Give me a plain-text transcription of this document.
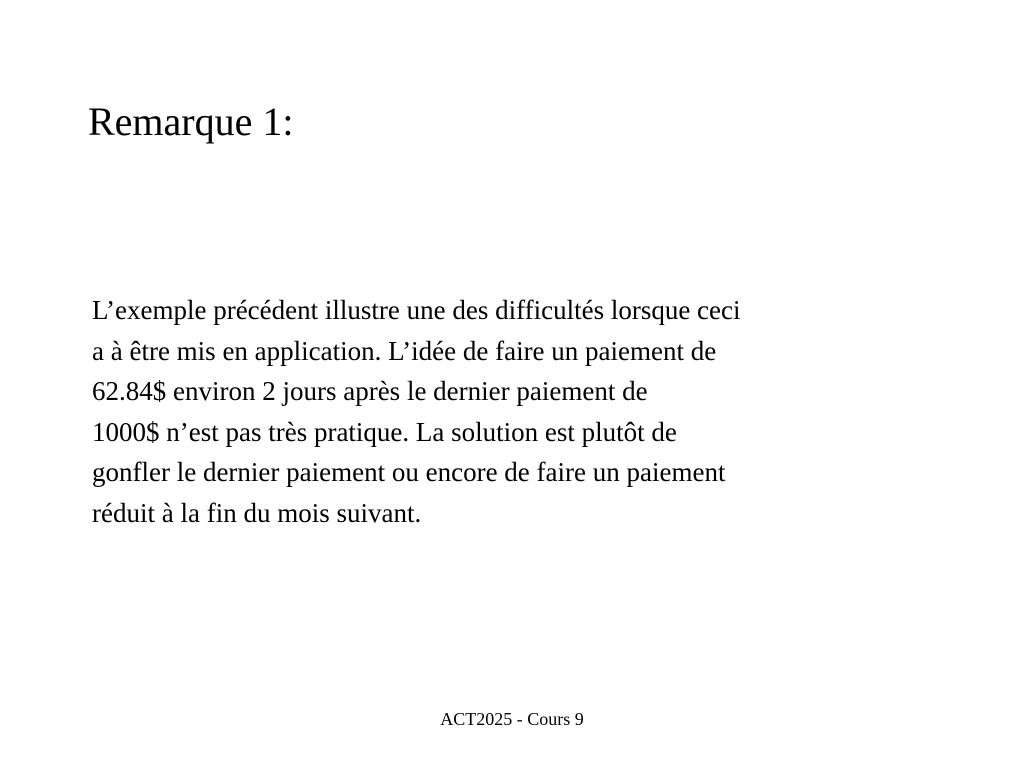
Remarque 1:
L’exemple précédent illustre une des difficultés lorsque ceci
a à être mis en application. L’idée de faire un paiement de
62.84$ environ 2 jours après le dernier paiement de
1000$ n’est pas très pratique. La solution est plutôt de
gonfler le dernier paiement ou encore de faire un paiement
réduit à la fin du mois suivant.
ACT2025 - Cours 9
